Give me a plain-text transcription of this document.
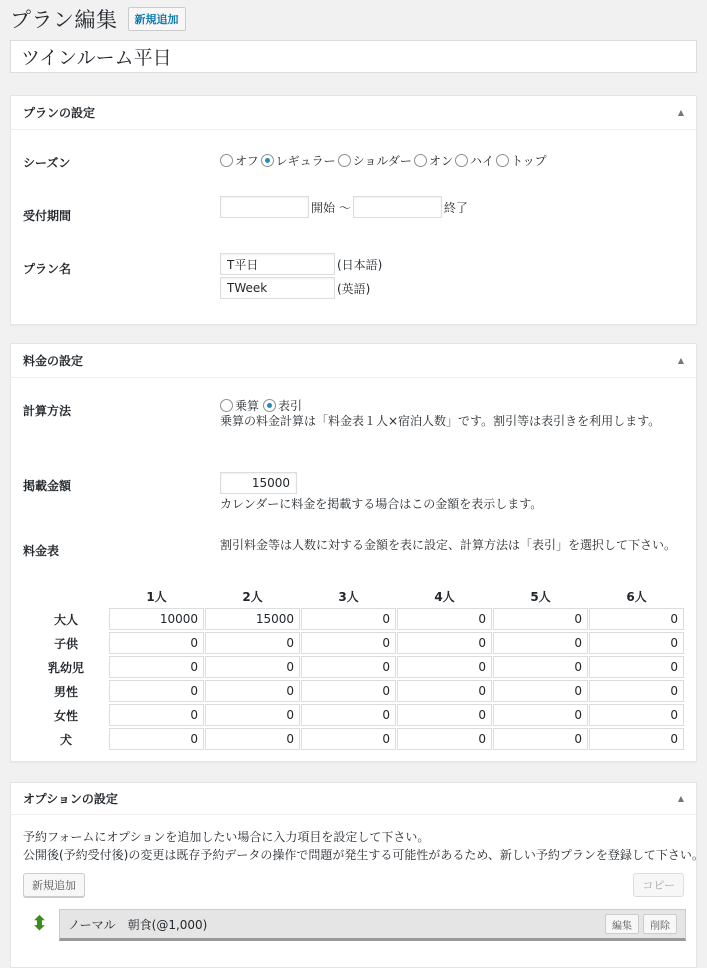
プラン編集	新規追加
ツインルーム平日
プランの設定	▲
シーズン	オフ レギュラー ショルダー オン ハイ トップ
受付期間
開始 〜	終了
プラン名
T平日	(日本語)
TWeek
(英語)
料金の設定	▲
計算方法	乗算 表引
乗算の料金計算は「料金表１人×宿泊人数」です。割引等は表引きを利用します。
掲載金額
15000
カレンダーに料金を掲載する場合はこの金額を表示します。
料金表	割引料金等は人数に対する金額を表に設定、計算方法は「表引」を選択して下さい。
	1人	2人	3人	4人	5人	6人
大人	10000	15000	0	0	0	0
子供	0	0	0	0	0	0
乳幼児	0	0	0	0	0	0
男性	0	0	0	0	0	0
女性	0	0	0	0	0	0
犬	0	0	0	0	0	0
オプションの設定	▲
予約フォームにオプションを追加したい場合に入力項目を設定して下さい。
公開後(予約受付後)の変更は既存予約データの操作で問題が発生する可能性があるため、新しい予約プランを登録して下さい。
新規追加	コピー
⬍ ノーマル　朝食(@1,000)	編集	削除
